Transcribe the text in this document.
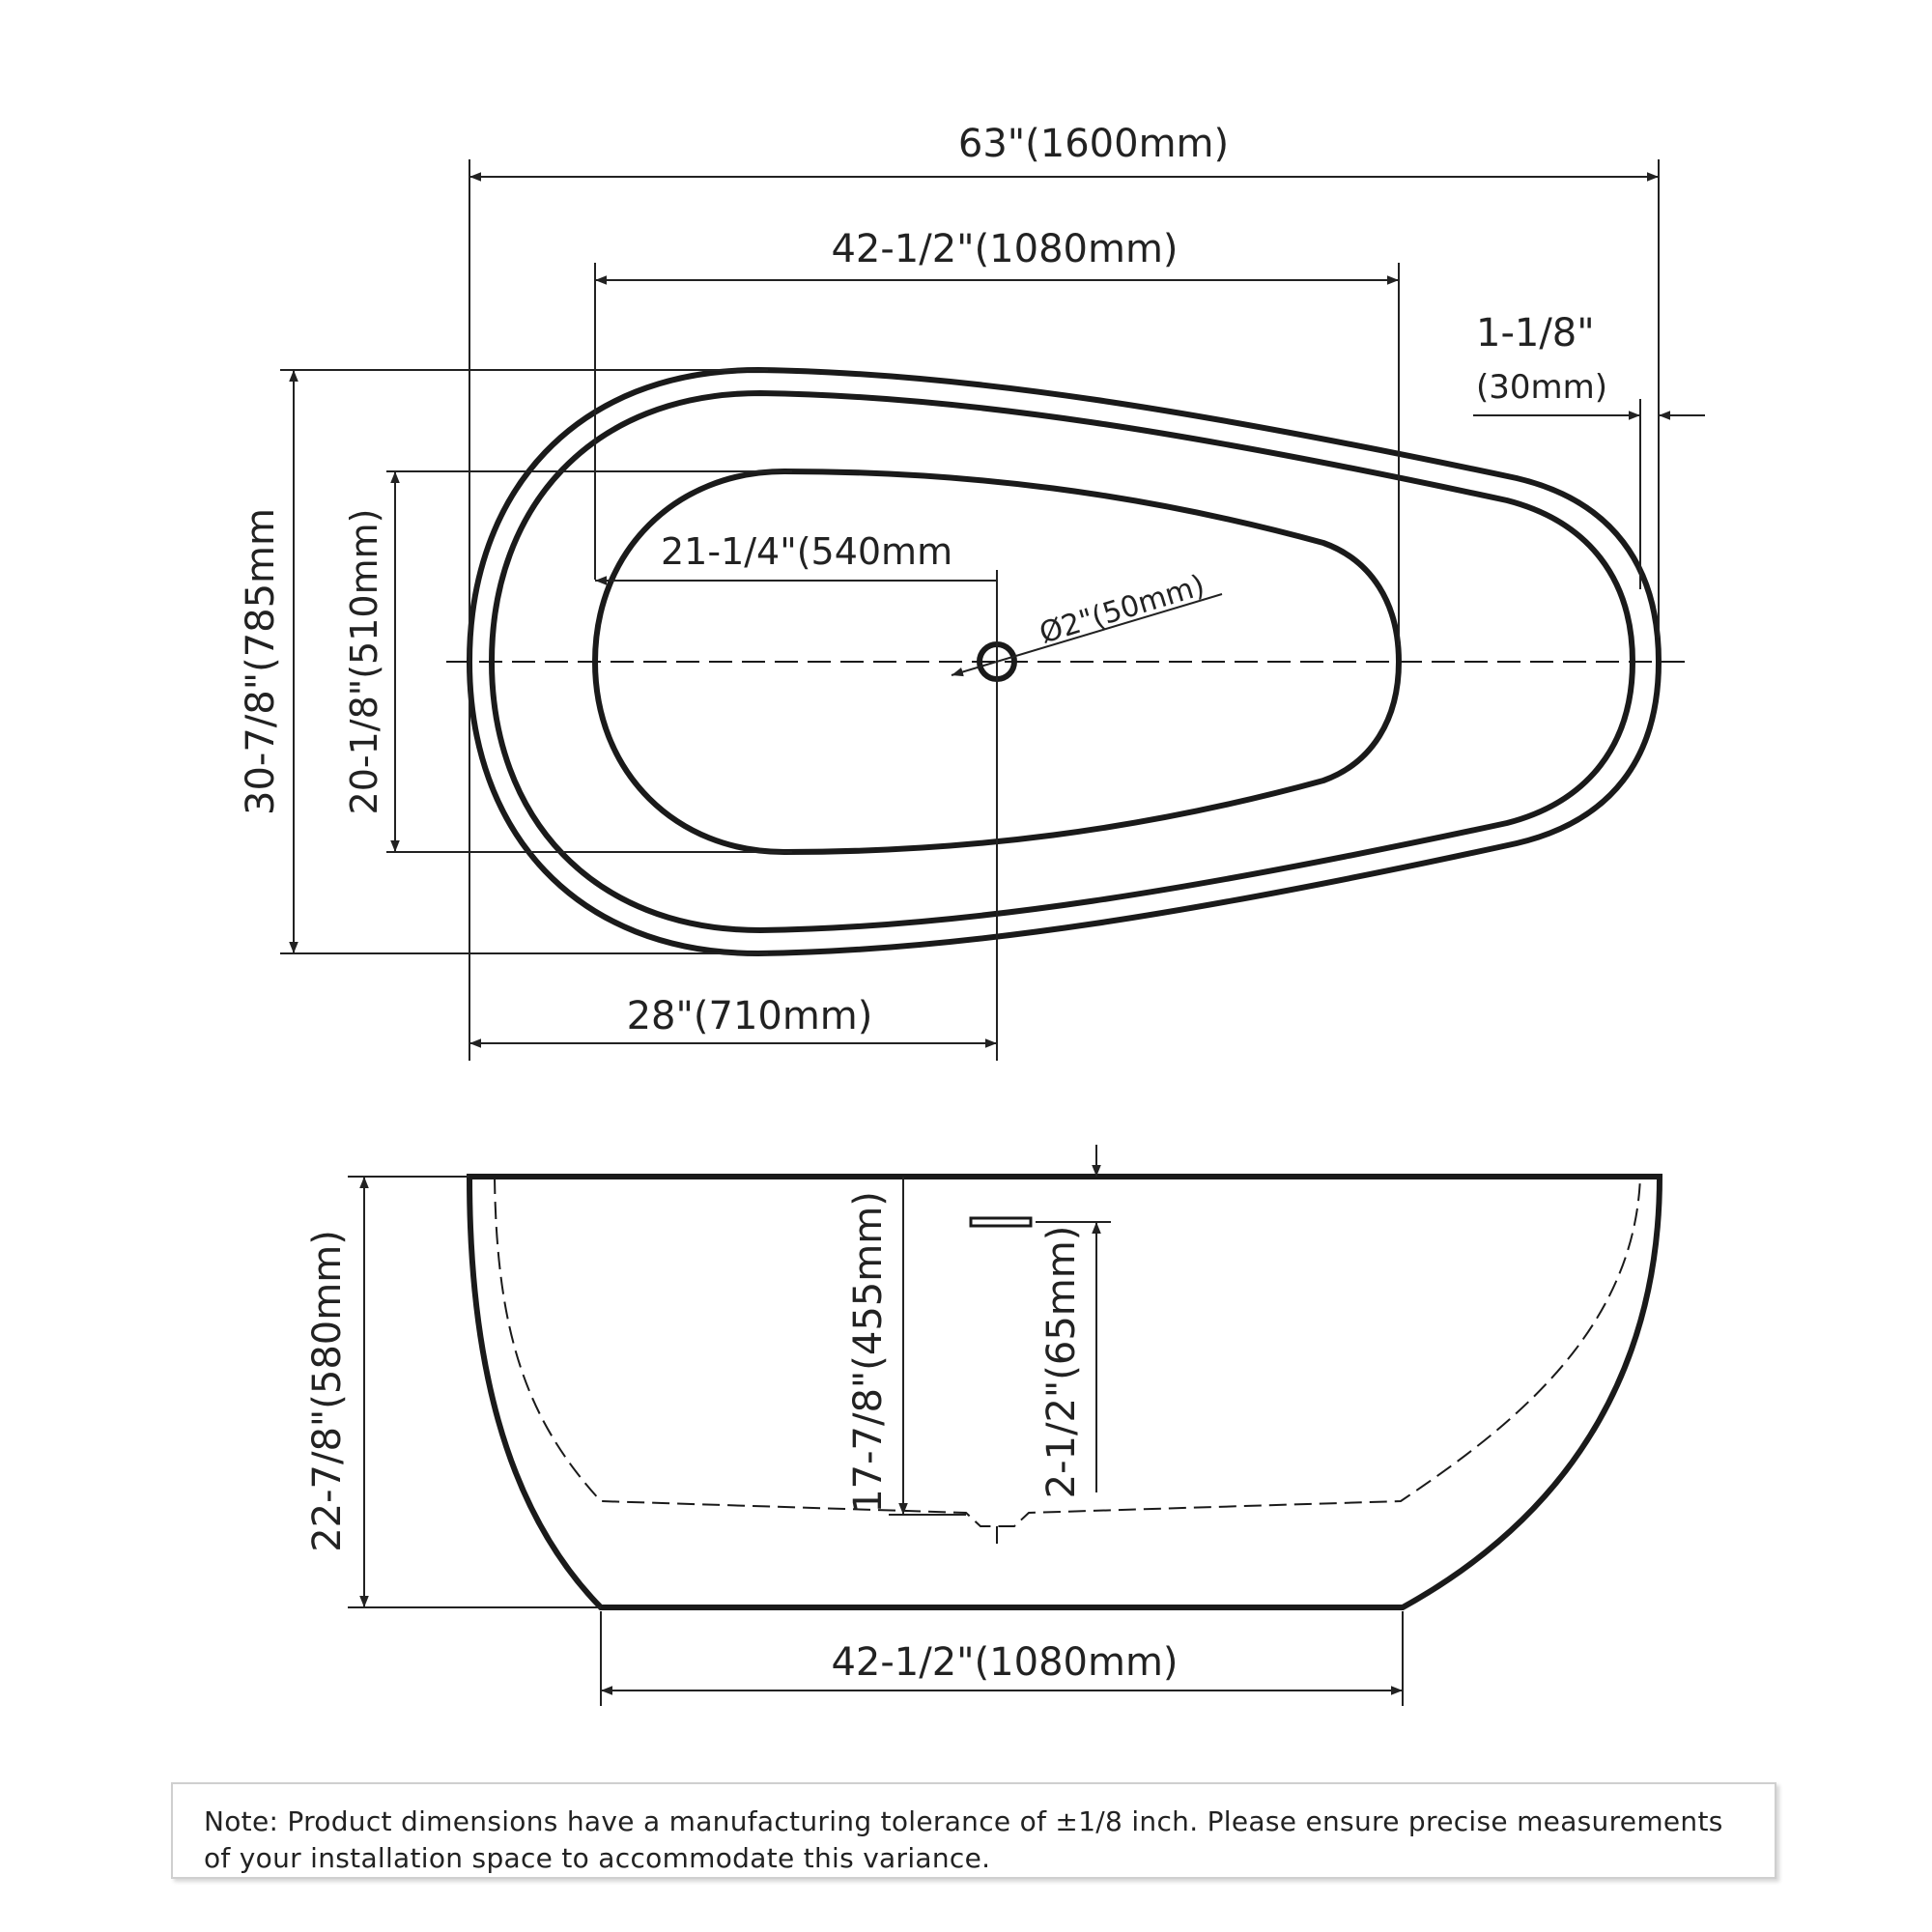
63"(1600mm)
42-1/2"(1080mm)
1-1/8"
(30mm)
21-1/4"(540mm
Ø2"(50mm)
30-7/8"(785mm 20-1/8"(510mm)
28"(710mm)
22-7/8"(580mm)	17-7/8"(455mm)	2-1/2"(65mm)
42-1/2"(1080mm)
Note: Product dimensions have a manufacturing tolerance of ±1/8 inch. Please ensure precise measurements of your installation space to accommodate this variance.
